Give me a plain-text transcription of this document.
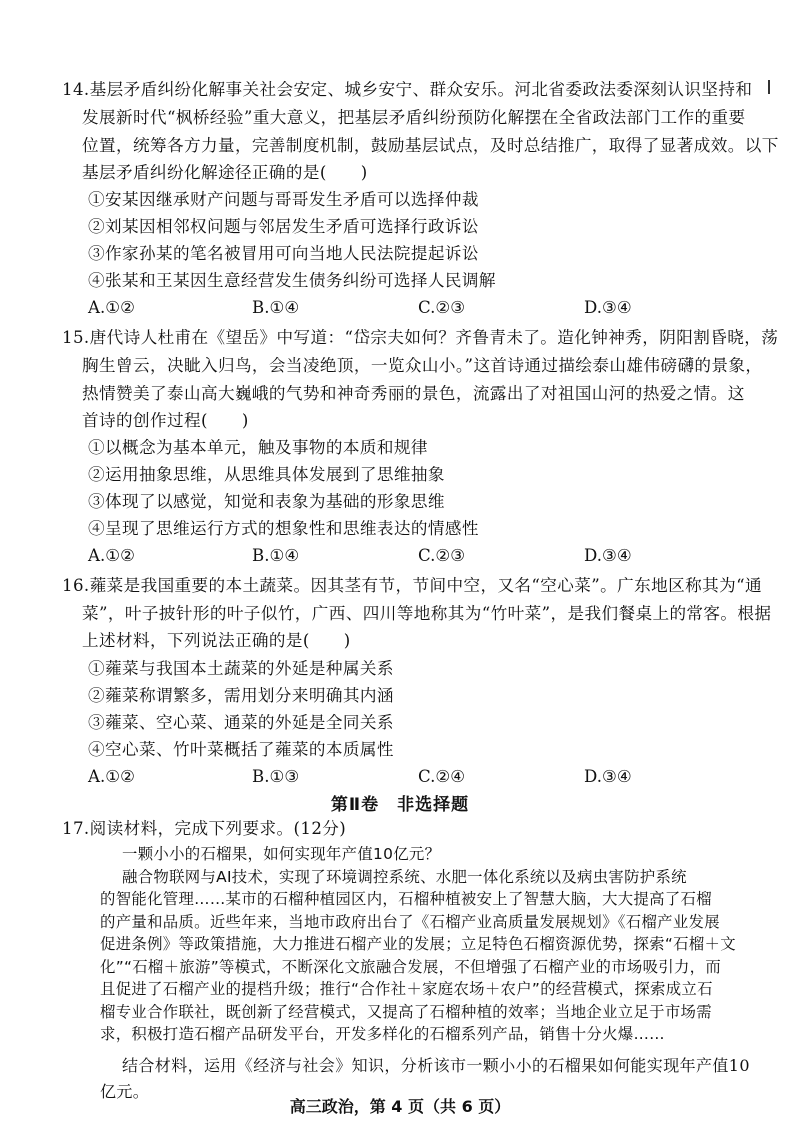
14.基层矛盾纠纷化解事关社会安定、城乡安宁、群众安乐。河北省委政法委深刻认识坚持和
发展新时代“枫桥经验”重大意义，把基层矛盾纠纷预防化解摆在全省政法部门工作的重要
位置，统筹各方力量，完善制度机制，鼓励基层试点，及时总结推广，取得了显著成效。以下
基层矛盾纠纷化解途径正确的是(　　)
①安某因继承财产问题与哥哥发生矛盾可以选择仲裁
②刘某因相邻权问题与邻居发生矛盾可选择行政诉讼
③作家孙某的笔名被冒用可向当地人民法院提起诉讼
④张某和王某因生意经营发生债务纠纷可选择人民调解
A.①②	B.①④	C.②③	D.③④
15.唐代诗人杜甫在《望岳》中写道：“岱宗夫如何？齐鲁青未了。造化钟神秀，阴阳割昏晓，荡
胸生曾云，决眦入归鸟，会当凌绝顶，一览众山小。”这首诗通过描绘泰山雄伟磅礴的景象，
热情赞美了泰山高大巍峨的气势和神奇秀丽的景色，流露出了对祖国山河的热爱之情。这
首诗的创作过程(　　)
①以概念为基本单元，触及事物的本质和规律
②运用抽象思维，从思维具体发展到了思维抽象
③体现了以感觉，知觉和表象为基础的形象思维
④呈现了思维运行方式的想象性和思维表达的情感性
A.①②	B.①④	C.②③	D.③④
16.蕹菜是我国重要的本土蔬菜。因其茎有节，节间中空，又名“空心菜”。广东地区称其为“通
菜”，叶子披针形的叶子似竹，广西、四川等地称其为“竹叶菜”，是我们餐桌上的常客。根据
上述材料，下列说法正确的是(　　)
①蕹菜与我国本土蔬菜的外延是种属关系
②蕹菜称谓繁多，需用划分来明确其内涵
③蕹菜、空心菜、通菜的外延是全同关系
④空心菜、竹叶菜概括了蕹菜的本质属性
A.①②	B.①③	C.②④	D.③④
第Ⅱ卷　非选择题
17.阅读材料，完成下列要求。(12分)
一颗小小的石榴果，如何实现年产值10亿元？
融合物联网与AI技术，实现了环境调控系统、水肥一体化系统以及病虫害防护系统
的智能化管理……某市的石榴种植园区内，石榴种植被安上了智慧大脑，大大提高了石榴
的产量和品质。近些年来，当地市政府出台了《石榴产业高质量发展规划》《石榴产业发展
促进条例》等政策措施，大力推进石榴产业的发展；立足特色石榴资源优势，探索“石榴＋文
化”“石榴＋旅游”等模式，不断深化文旅融合发展，不但增强了石榴产业的市场吸引力，而
且促进了石榴产业的提档升级；推行“合作社＋家庭农场＋农户”的经营模式，探索成立石
榴专业合作联社，既创新了经营模式，又提高了石榴种植的效率；当地企业立足于市场需
求，积极打造石榴产品研发平台，开发多样化的石榴系列产品，销售十分火爆……
结合材料，运用《经济与社会》知识，分析该市一颗小小的石榴果如何能实现年产值10
亿元。
高三政治，第 4 页（共 6 页）
